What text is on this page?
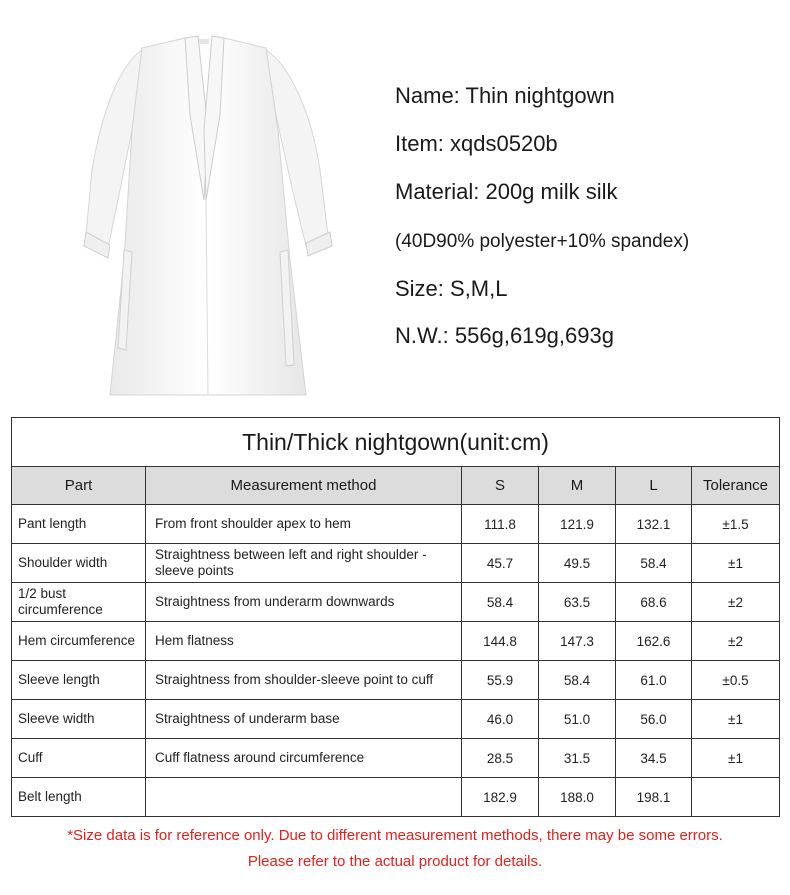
Name: Thin nightgown
Item: xqds0520b
Material: 200g milk silk
(40D90% polyester+10% spandex)
Size: S,M,L
N.W.: 556g,619g,693g
Thin/Thick nightgown(unit:cm)					
Part	Measurement method	S	M	L	Tolerance
Pant length	From front shoulder apex to hem	111.8	121.9	132.1	±1.5
Shoulder width	Straightness between left and right shoulder -sleeve points	45.7	49.5	58.4	±1
1/2 bust circumference	Straightness from underarm downwards	58.4	63.5	68.6	±2
Hem circumference	Hem flatness	144.8	147.3	162.6	±2
Sleeve length	Straightness from shoulder-sleeve point to cuff	55.9	58.4	61.0	±0.5
Sleeve width	Straightness of underarm base	46.0	51.0	56.0	±1
Cuff	Cuff flatness around circumference	28.5	31.5	34.5	±1
Belt length		182.9	188.0	198.1	
*Size data is for reference only. Due to different measurement methods, there may be some errors.
Please refer to the actual product for details.
